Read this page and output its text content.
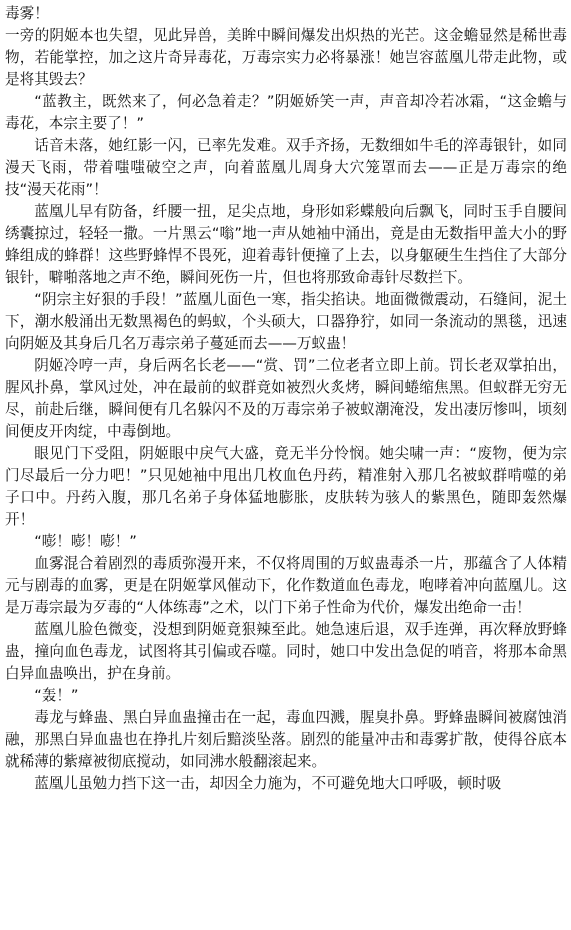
毒雾！

一旁的阴姬本也失望，见此异兽，美眸中瞬间爆发出炽热的光芒。这金蟾显然是稀世毒物，若能掌控，加之这片奇异毒花，万毒宗实力必将暴涨！她岂容蓝凰儿带走此物，或是将其毁去？

“蓝教主，既然来了，何必急着走？”阴姬娇笑一声，声音却冷若冰霜，“这金蟾与毒花，本宗主要了！”

话音未落，她红影一闪，已率先发难。双手齐扬，无数细如牛毛的淬毒银针，如同漫天飞雨，带着嗤嗤破空之声，向着蓝凰儿周身大穴笼罩而去——正是万毒宗的绝技“漫天花雨”！

蓝凰儿早有防备，纤腰一扭，足尖点地，身形如彩蝶般向后飘飞，同时玉手自腰间绣囊掠过，轻轻一撒。一片黑云“嗡”地一声从她袖中涌出，竟是由无数指甲盖大小的野蜂组成的蜂群！这些野蜂悍不畏死，迎着毒针便撞了上去，以身躯硬生生挡住了大部分银针，噼啪落地之声不绝，瞬间死伤一片，但也将那致命毒针尽数拦下。

“阴宗主好狠的手段！”蓝凰儿面色一寒，指尖掐诀。地面微微震动，石缝间，泥土下，潮水般涌出无数黑褐色的蚂蚁，个头硕大，口器狰狞，如同一条流动的黑毯，迅速向阴姬及其身后几名万毒宗弟子蔓延而去——万蚁蛊！

阴姬冷哼一声，身后两名长老——“赏、罚”二位老者立即上前。罚长老双掌拍出，腥风扑鼻，掌风过处，冲在最前的蚁群竟如被烈火炙烤，瞬间蜷缩焦黑。但蚁群无穷无尽，前赴后继，瞬间便有几名躲闪不及的万毒宗弟子被蚁潮淹没，发出凄厉惨叫，顷刻间便皮开肉绽，中毒倒地。

眼见门下受阻，阴姬眼中戾气大盛，竟无半分怜悯。她尖啸一声：“废物，便为宗门尽最后一分力吧！”只见她袖中甩出几枚血色丹药，精准射入那几名被蚁群啃噬的弟子口中。丹药入腹，那几名弟子身体猛地膨胀，皮肤转为骇人的紫黑色，随即轰然爆开！

“嘭！嘭！嘭！”

血雾混合着剧烈的毒质弥漫开来，不仅将周围的万蚁蛊毒杀一片，那蕴含了人体精元与剧毒的血雾，更是在阴姬掌风催动下，化作数道血色毒龙，咆哮着冲向蓝凰儿。这是万毒宗最为歹毒的“人体练毒”之术，以门下弟子性命为代价，爆发出绝命一击！

蓝凰儿脸色微变，没想到阴姬竟狠辣至此。她急速后退，双手连弹，再次释放野蜂蛊，撞向血色毒龙，试图将其引偏或吞噬。同时，她口中发出急促的哨音，将那本命黑白异血蛊唤出，护在身前。

“轰！”

毒龙与蜂蛊、黑白异血蛊撞击在一起，毒血四溅，腥臭扑鼻。野蜂蛊瞬间被腐蚀消融，那黑白异血蛊也在挣扎片刻后黯淡坠落。剧烈的能量冲击和毒雾扩散，使得谷底本就稀薄的紫瘴被彻底搅动，如同沸水般翻滚起来。

蓝凰儿虽勉力挡下这一击，却因全力施为，不可避免地大口呼吸，顿时吸
